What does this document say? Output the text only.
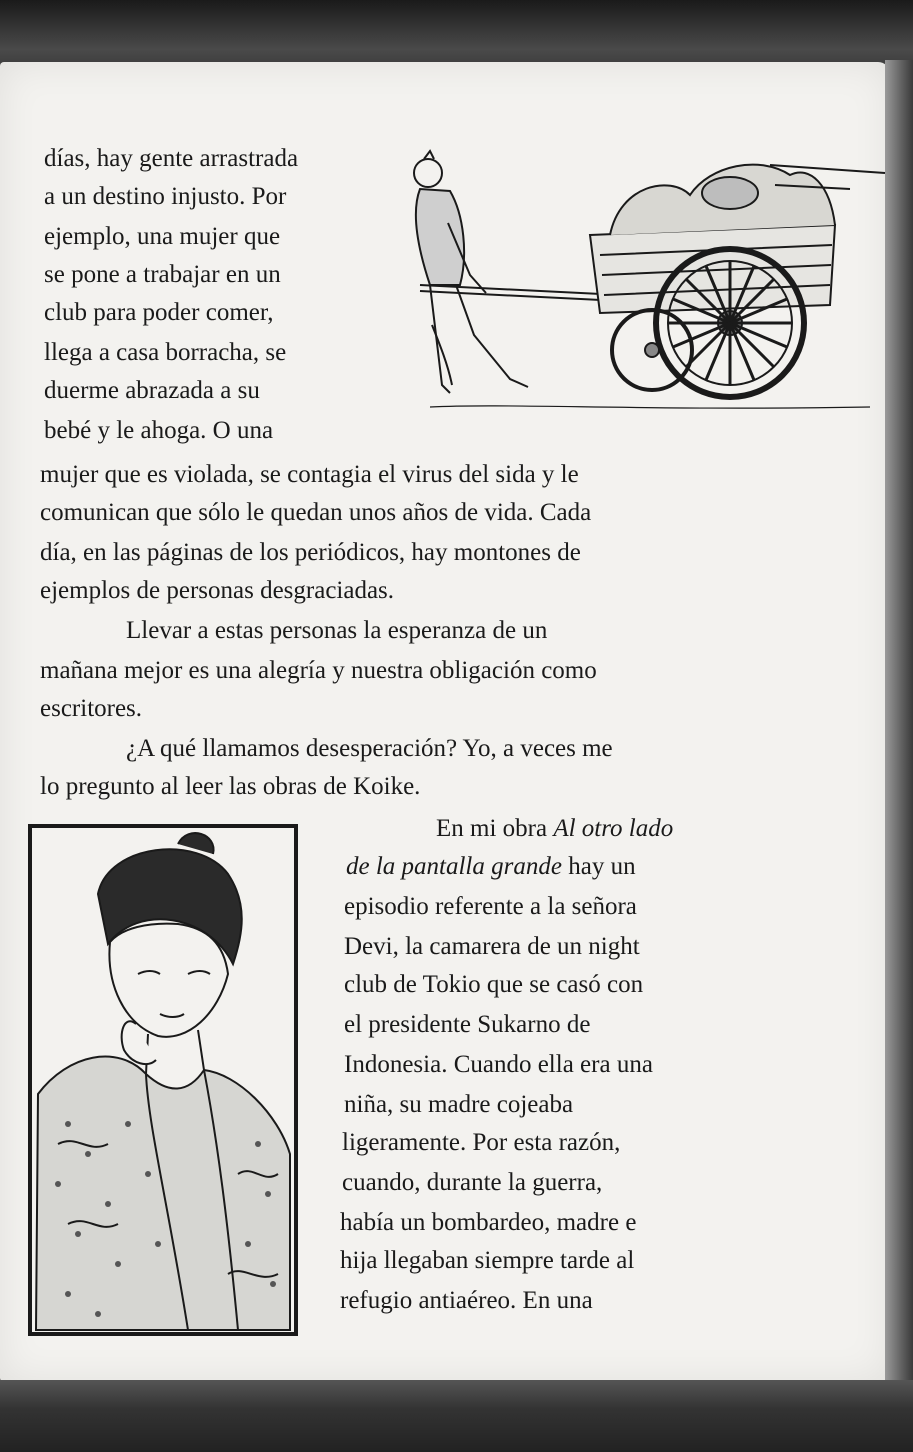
días, hay gente arrastrada
a un destino injusto. Por
ejemplo, una mujer que
se pone a trabajar en un
club para poder comer,
llega a casa borracha, se
duerme abrazada a su
bebé y le ahoga. O una
mujer que es violada, se contagia el virus del sida y le
comunican que sólo le quedan unos años de vida. Cada
día, en las páginas de los periódicos, hay montones de
ejemplos de personas desgraciadas.
Llevar a estas personas la esperanza de un
mañana mejor es una alegría y nuestra obligación como
escritores.
¿A qué llamamos desesperación? Yo, a veces me
lo pregunto al leer las obras de Koike.
En mi obra Al otro lado
de la pantalla grande hay un
episodio referente a la señora
Devi, la camarera de un night
club de Tokio que se casó con
el presidente Sukarno de
Indonesia. Cuando ella era una
niña, su madre cojeaba
ligeramente. Por esta razón,
cuando, durante la guerra,
había un bombardeo, madre e
hija llegaban siempre tarde al
refugio antiaéreo. En una
